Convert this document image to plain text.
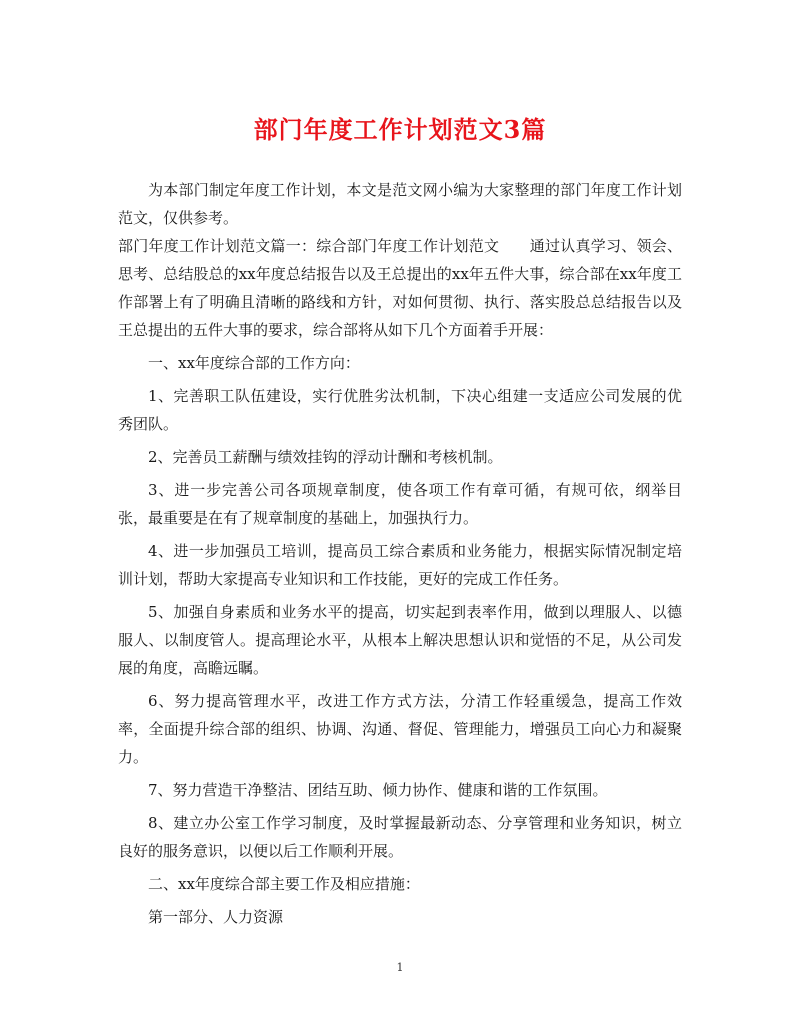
部门年度工作计划范文3篇

为本部门制定年度工作计划，本文是范文网小编为大家整理的部门年度工作计划范文，仅供参考。

部门年度工作计划范文篇一：综合部门年度工作计划范文　　通过认真学习、领会、思考、总结股总的xx年度总结报告以及王总提出的xx年五件大事，综合部在xx年度工作部署上有了明确且清晰的路线和方针，对如何贯彻、执行、落实股总总结报告以及王总提出的五件大事的要求，综合部将从如下几个方面着手开展：

一、xx年度综合部的工作方向：

1、完善职工队伍建设，实行优胜劣汰机制，下决心组建一支适应公司发展的优秀团队。

2、完善员工薪酬与绩效挂钩的浮动计酬和考核机制。

3、进一步完善公司各项规章制度，使各项工作有章可循，有规可依，纲举目张，最重要是在有了规章制度的基础上，加强执行力。

4、进一步加强员工培训，提高员工综合素质和业务能力，根据实际情况制定培训计划，帮助大家提高专业知识和工作技能，更好的完成工作任务。

5、加强自身素质和业务水平的提高，切实起到表率作用，做到以理服人、以德服人、以制度管人。提高理论水平，从根本上解决思想认识和觉悟的不足，从公司发展的角度，高瞻远瞩。

6、努力提高管理水平，改进工作方式方法，分清工作轻重缓急，提高工作效率，全面提升综合部的组织、协调、沟通、督促、管理能力，增强员工向心力和凝聚力。

7、努力营造干净整洁、团结互助、倾力协作、健康和谐的工作氛围。

8、建立办公室工作学习制度，及时掌握最新动态、分享管理和业务知识，树立良好的服务意识，以便以后工作顺利开展。

二、xx年度综合部主要工作及相应措施：

第一部分、人力资源

1
